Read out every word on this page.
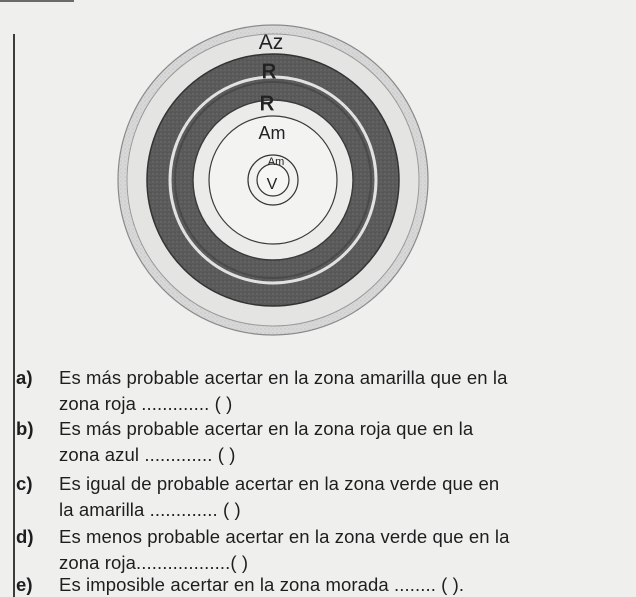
Az
R
R
Am
Am
V
a) Es más probable acertar en la zona amarilla que en la
zona roja ............. ( )
b) Es más probable acertar en la zona roja que en la
zona azul ............. ( )
c) Es igual de probable acertar en la zona verde que en
la amarilla ............. ( )
d) Es menos probable acertar en la zona verde que en la
zona roja..................( )
e) Es imposible acertar en la zona morada ........ ( ).
